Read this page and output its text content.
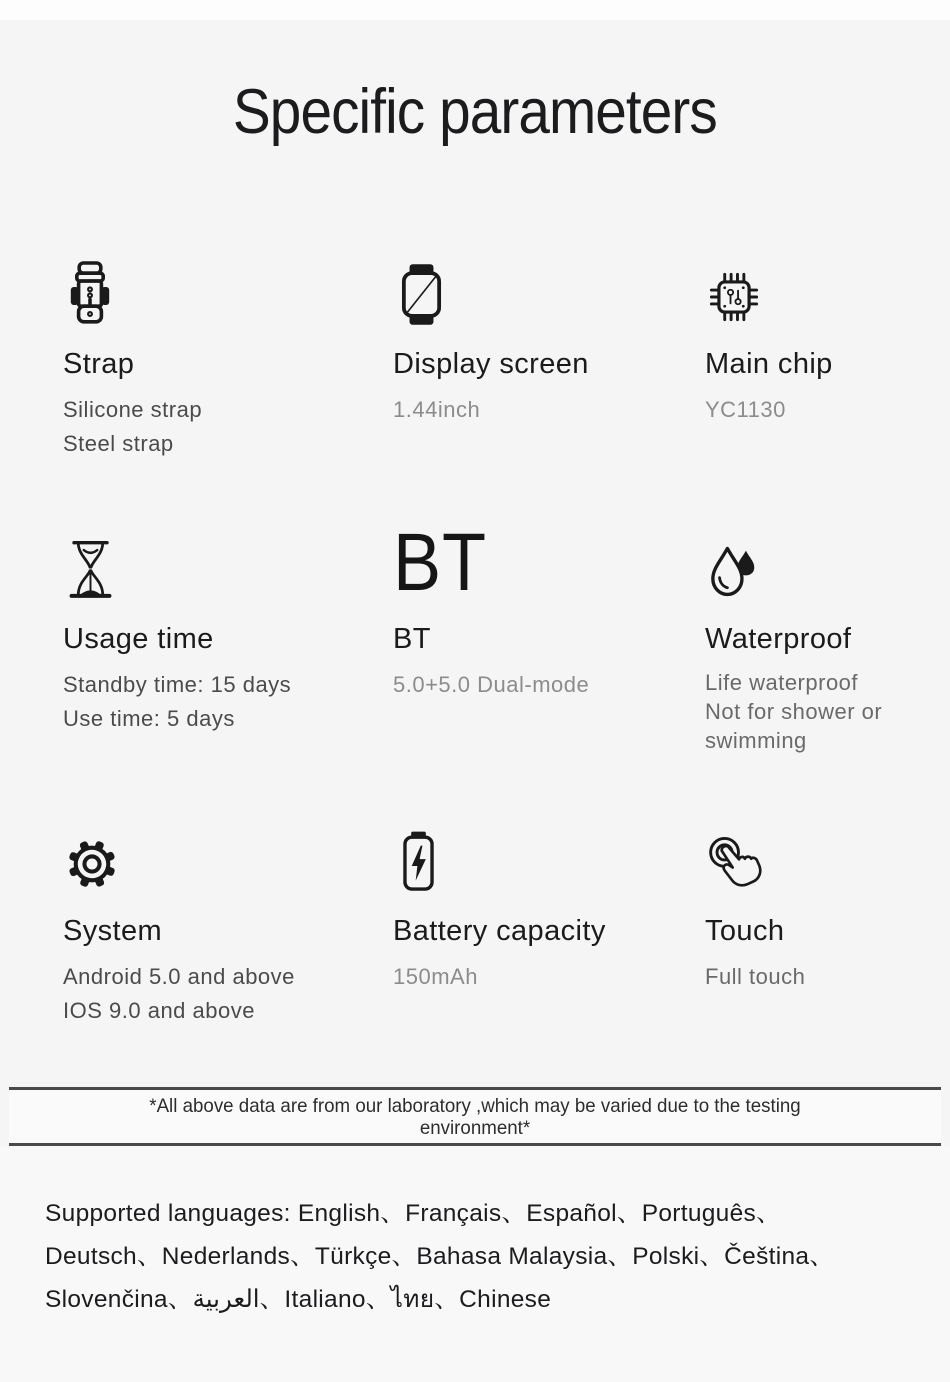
Specific parameters
Strap
Silicone strap
Steel strap
Display screen
1.44inch
Main chip
YC1130
Usage time
Standby time: 15 days
Use time: 5 days
BT
BT
5.0+5.0 Dual-mode
Waterproof
Life waterproof
Not for shower or
swimming
System
Android 5.0 and above
IOS 9.0 and above
Battery capacity
150mAh
Touch
Full touch
*All above data are from our laboratory ,which may be varied due to the testing
environment*

Supported languages: English、Français、Español、Português、Deutsch、Nederlands、Türkçe、Bahasa Malaysia、Polski、Čeština、Slovenčina、العربية、Italiano、ไทย、Chinese
